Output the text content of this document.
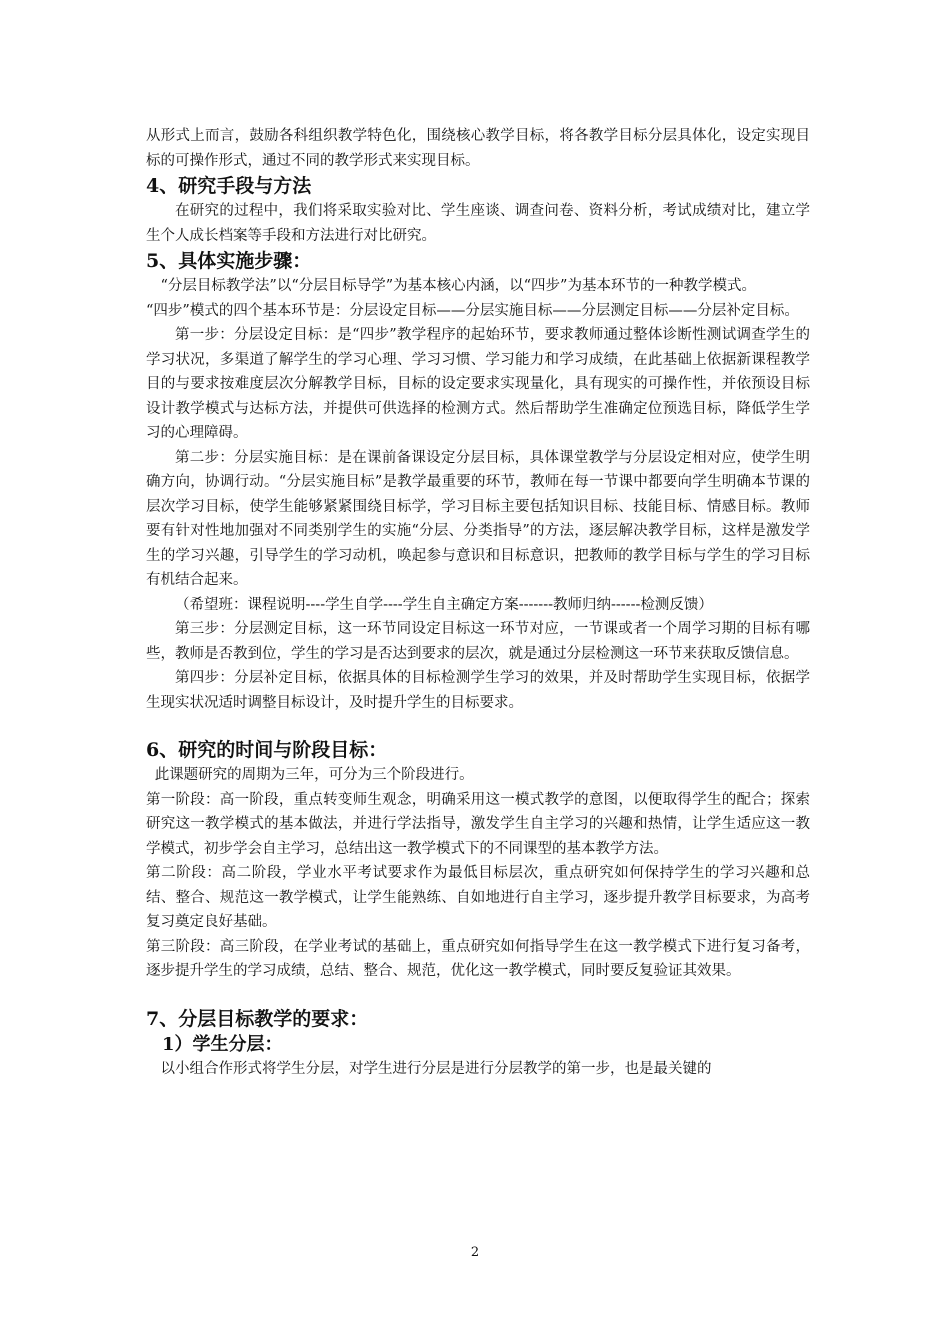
从形式上而言，鼓励各科组织教学特色化，围绕核心教学目标，将各教学目标分层具体化，设定实现目标的可操作形式，通过不同的教学形式来实现目标。

4、研究手段与方法

在研究的过程中，我们将采取实验对比、学生座谈、调查问卷、资料分析，考试成绩对比，建立学生个人成长档案等手段和方法进行对比研究。

5、具体实施步骤：

“分层目标教学法”以“分层目标导学”为基本核心内涵，以“四步”为基本环节的一种教学模式。

“四步”模式的四个基本环节是：分层设定目标——分层实施目标——分层测定目标——分层补定目标。

第一步：分层设定目标：是“四步”教学程序的起始环节，要求教师通过整体诊断性测试调查学生的学习状况，多渠道了解学生的学习心理、学习习惯、学习能力和学习成绩，在此基础上依据新课程教学目的与要求按难度层次分解教学目标，目标的设定要求实现量化，具有现实的可操作性，并依预设目标设计教学模式与达标方法，并提供可供选择的检测方式。然后帮助学生准确定位预选目标，降低学生学习的心理障碍。

第二步：分层实施目标：是在课前备课设定分层目标，具体课堂教学与分层设定相对应，使学生明确方向，协调行动。“分层实施目标”是教学最重要的环节，教师在每一节课中都要向学生明确本节课的层次学习目标，使学生能够紧紧围绕目标学，学习目标主要包括知识目标、技能目标、情感目标。教师要有针对性地加强对不同类别学生的实施“分层、分类指导”的方法，逐层解决教学目标，这样是激发学生的学习兴趣，引导学生的学习动机，唤起参与意识和目标意识，把教师的教学目标与学生的学习目标有机结合起来。

（希望班：课程说明----学生自学----学生自主确定方案-------教师归纳------检测反馈）

第三步：分层测定目标，这一环节同设定目标这一环节对应，一节课或者一个周学习期的目标有哪些，教师是否教到位，学生的学习是否达到要求的层次，就是通过分层检测这一环节来获取反馈信息。

第四步：分层补定目标，依据具体的目标检测学生学习的效果，并及时帮助学生实现目标，依据学生现实状况适时调整目标设计，及时提升学生的目标要求。

6、研究的时间与阶段目标：

此课题研究的周期为三年，可分为三个阶段进行。

第一阶段：高一阶段，重点转变师生观念，明确采用这一模式教学的意图，以便取得学生的配合；探索研究这一教学模式的基本做法，并进行学法指导，激发学生自主学习的兴趣和热情，让学生适应这一教学模式，初步学会自主学习，总结出这一教学模式下的不同课型的基本教学方法。

第二阶段：高二阶段，学业水平考试要求作为最低目标层次，重点研究如何保持学生的学习兴趣和总结、整合、规范这一教学模式，让学生能熟练、自如地进行自主学习，逐步提升教学目标要求，为高考复习奠定良好基础。

第三阶段：高三阶段，在学业考试的基础上，重点研究如何指导学生在这一教学模式下进行复习备考，逐步提升学生的学习成绩，总结、整合、规范，优化这一教学模式，同时要反复验证其效果。

7、分层目标教学的要求：
1）学生分层：

以小组合作形式将学生分层，对学生进行分层是进行分层教学的第一步，也是最关键的

2
